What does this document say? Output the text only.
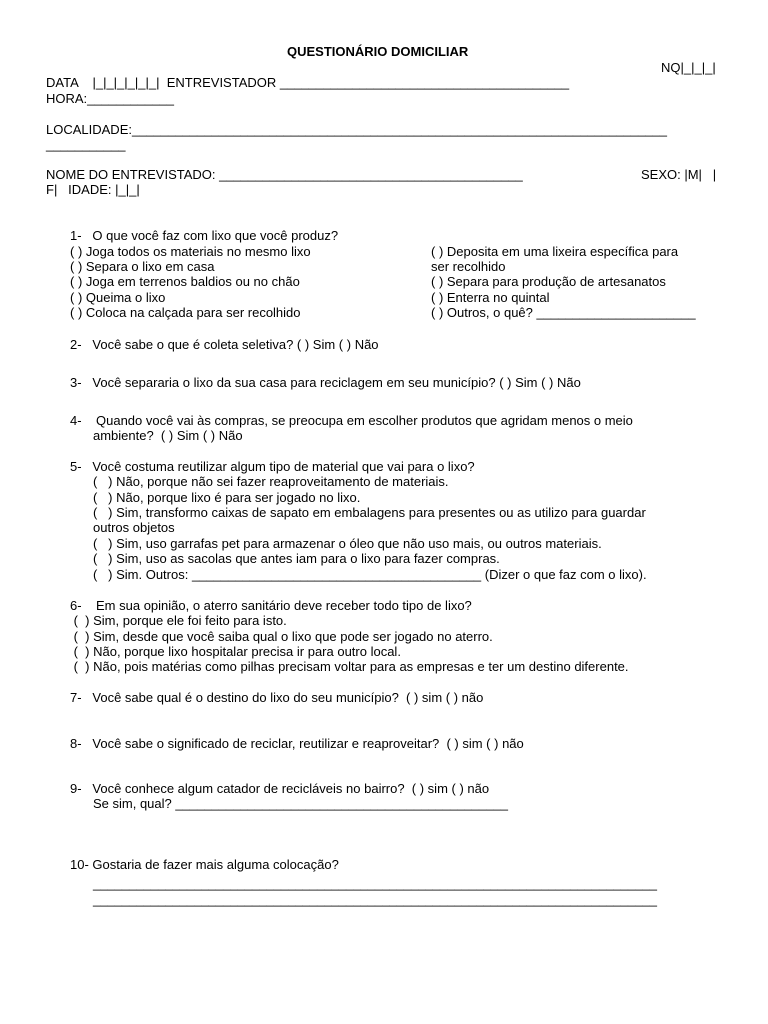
QUESTIONÁRIO DOMICILIAR
NQ|_|_|_|
DATA    |_|_|_|_|_|_|  ENTREVISTADOR ________________________________________
HORA:____________
LOCALIDADE:__________________________________________________________________________
___________
NOME DO ENTREVISTADO: __________________________________________	SEXO: |M|   |
F|   IDADE: |_|_|
1-   O que você faz com lixo que você produz?
( ) Joga todos os materiais no mesmo lixo
( ) Separa o lixo em casa
( ) Joga em terrenos baldios ou no chão
( ) Queima o lixo
( ) Coloca na calçada para ser recolhido
( ) Deposita em uma lixeira específica para
ser recolhido
( ) Separa para produção de artesanatos
( ) Enterra no quintal
( ) Outros, o quê? ______________________
2-   Você sabe o que é coleta seletiva? ( ) Sim ( ) Não
3-   Você separaria o lixo da sua casa para reciclagem em seu município? ( ) Sim ( ) Não
4-    Quando você vai às compras, se preocupa em escolher produtos que agridam menos o meio
ambiente?  ( ) Sim ( ) Não
5-   Você costuma reutilizar algum tipo de material que vai para o lixo?
(   ) Não, porque não sei fazer reaproveitamento de materiais.
(   ) Não, porque lixo é para ser jogado no lixo.
(   ) Sim, transformo caixas de sapato em embalagens para presentes ou as utilizo para guardar
outros objetos
(   ) Sim, uso garrafas pet para armazenar o óleo que não uso mais, ou outros materiais.
(   ) Sim, uso as sacolas que antes iam para o lixo para fazer compras.
(   ) Sim. Outros: ________________________________________ (Dizer o que faz com o lixo).
6-    Em sua opinião, o aterro sanitário deve receber todo tipo de lixo?
(  ) Sim, porque ele foi feito para isto.
(  ) Sim, desde que você saiba qual o lixo que pode ser jogado no aterro.
(  ) Não, porque lixo hospitalar precisa ir para outro local.
(  ) Não, pois matérias como pilhas precisam voltar para as empresas e ter um destino diferente.
7-   Você sabe qual é o destino do lixo do seu município?  ( ) sim ( ) não
8-   Você sabe o significado de reciclar, reutilizar e reaproveitar?  ( ) sim ( ) não
9-   Você conhece algum catador de recicláveis no bairro?  ( ) sim ( ) não
Se sim, qual? ______________________________________________
10- Gostaria de fazer mais alguma colocação?
______________________________________________________________________________
______________________________________________________________________________
